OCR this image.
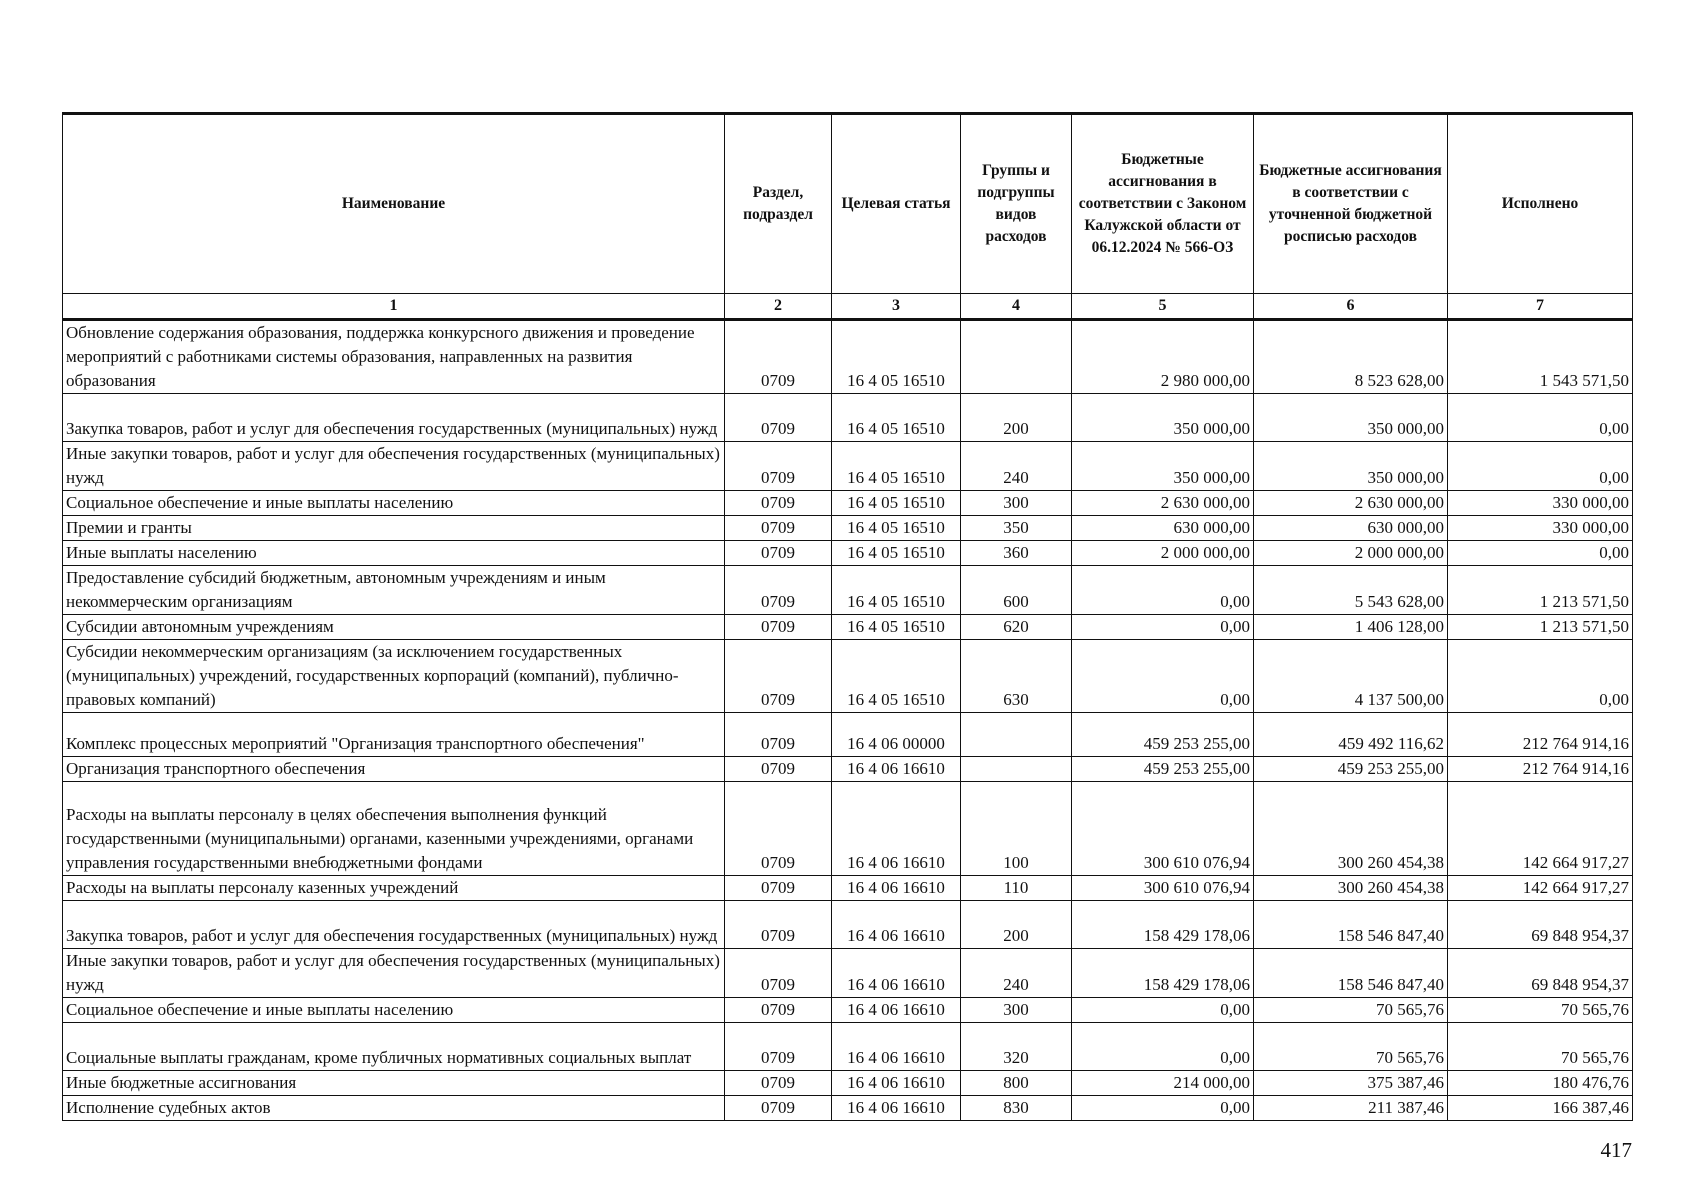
Наименование	Раздел, подраздел	Целевая статья	Группы и подгруппы видов расходов	Бюджетные ассигнования в соответствии с Законом Калужской области от 06.12.2024 № 566-ОЗ	Бюджетные ассигнования в соответствии с уточненной бюджетной росписью расходов	Исполнено
1	2	3	4	5	6	7
Обновление содержания образования, поддержка конкурсного движения и проведение мероприятий с работниками системы образования, направленных на развития образования	0709	16 4 05 16510		2 980 000,00	8 523 628,00	1 543 571,50
Закупка товаров, работ и услуг для обеспечения государственных (муниципальных) нужд	0709	16 4 05 16510	200	350 000,00	350 000,00	0,00
Иные закупки товаров, работ и услуг для обеспечения государственных (муниципальных) нужд	0709	16 4 05 16510	240	350 000,00	350 000,00	0,00
Социальное обеспечение и иные выплаты населению	0709	16 4 05 16510	300	2 630 000,00	2 630 000,00	330 000,00
Премии и гранты	0709	16 4 05 16510	350	630 000,00	630 000,00	330 000,00
Иные выплаты населению	0709	16 4 05 16510	360	2 000 000,00	2 000 000,00	0,00
Предоставление субсидий бюджетным, автономным учреждениям и иным некоммерческим организациям	0709	16 4 05 16510	600	0,00	5 543 628,00	1 213 571,50
Субсидии автономным учреждениям	0709	16 4 05 16510	620	0,00	1 406 128,00	1 213 571,50
Субсидии некоммерческим организациям (за исключением государственных (муниципальных) учреждений, государственных корпораций (компаний), публично-правовых компаний)	0709	16 4 05 16510	630	0,00	4 137 500,00	0,00
Комплекс процессных мероприятий "Организация транспортного обеспечения"	0709	16 4 06 00000		459 253 255,00	459 492 116,62	212 764 914,16
Организация транспортного обеспечения	0709	16 4 06 16610		459 253 255,00	459 253 255,00	212 764 914,16
Расходы на выплаты персоналу в целях обеспечения выполнения функций государственными (муниципальными) органами, казенными учреждениями, органами управления государственными внебюджетными фондами	0709	16 4 06 16610	100	300 610 076,94	300 260 454,38	142 664 917,27
Расходы на выплаты персоналу казенных учреждений	0709	16 4 06 16610	110	300 610 076,94	300 260 454,38	142 664 917,27
Закупка товаров, работ и услуг для обеспечения государственных (муниципальных) нужд	0709	16 4 06 16610	200	158 429 178,06	158 546 847,40	69 848 954,37
Иные закупки товаров, работ и услуг для обеспечения государственных (муниципальных) нужд	0709	16 4 06 16610	240	158 429 178,06	158 546 847,40	69 848 954,37
Социальное обеспечение и иные выплаты населению	0709	16 4 06 16610	300	0,00	70 565,76	70 565,76
Социальные выплаты гражданам, кроме публичных нормативных социальных выплат	0709	16 4 06 16610	320	0,00	70 565,76	70 565,76
Иные бюджетные ассигнования	0709	16 4 06 16610	800	214 000,00	375 387,46	180 476,76
Исполнение судебных актов	0709	16 4 06 16610	830	0,00	211 387,46	166 387,46
417
